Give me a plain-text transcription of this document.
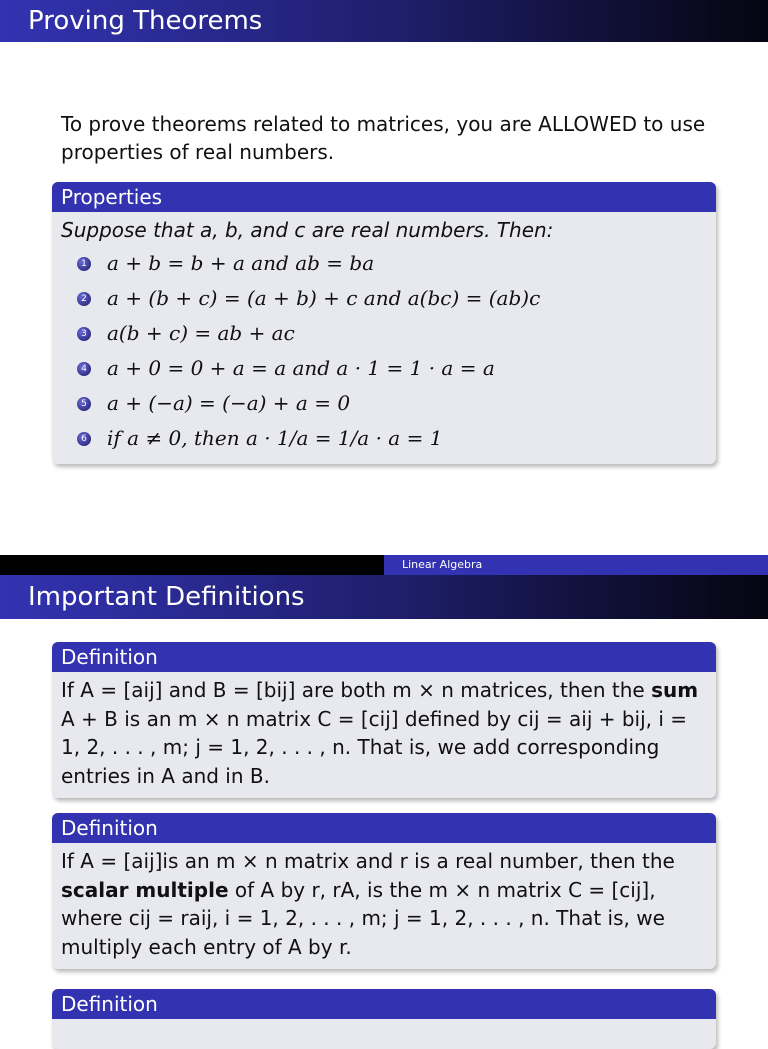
Proving Theorems
To prove theorems related to matrices, you are ALLOWED to use properties of real numbers.
Properties
Suppose that a, b, and c are real numbers. Then:
1 a + b = b + a and ab = ba
2 a + (b + c) = (a + b) + c and a(bc) = (ab)c
3 a(b + c) = ab + ac
4 a + 0 = 0 + a = a and a · 1 = 1 · a = a
5 a + (−a) = (−a) + a = 0
6 if a ≠ 0, then a · 1/a = 1/a · a = 1
Linear Algebra
Important Definitions
Definition
If A = [aij] and B = [bij] are both m × n matrices, then the sum A + B is an m × n matrix C = [cij] defined by cij = aij + bij, i = 1, 2, . . . , m; j = 1, 2, . . . , n. That is, we add corresponding entries in A and in B.
Definition
If A = [aij]is an m × n matrix and r is a real number, then the scalar multiple of A by r, rA, is the m × n matrix C = [cij], where cij = raij, i = 1, 2, . . . , m; j = 1, 2, . . . , n. That is, we multiply each entry of A by r.
Definition
